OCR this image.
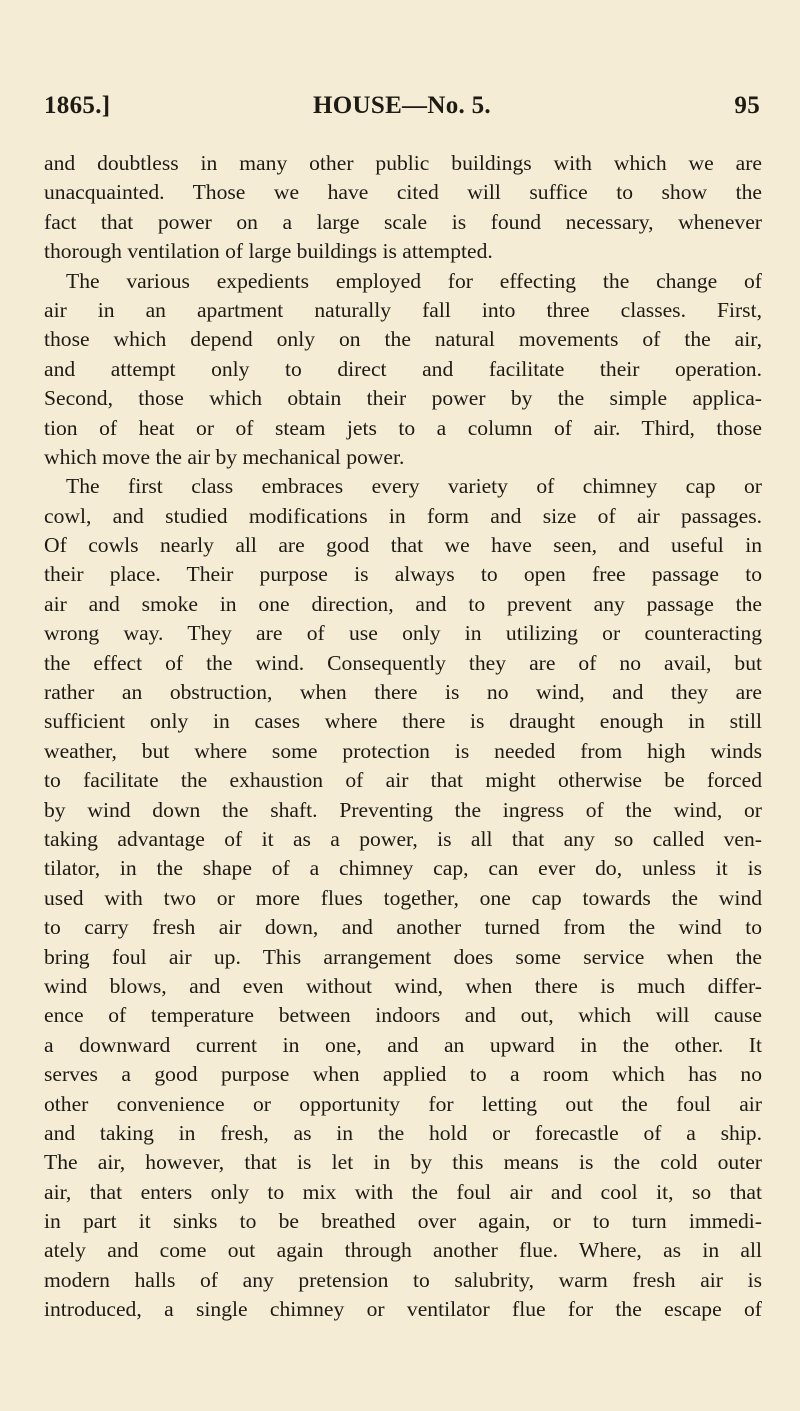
1865.]	HOUSE—No. 5.	95
and doubtless in many other public buildings with which we are
unacquainted. Those we have cited will suffice to show the
fact that power on a large scale is found necessary, whenever
thorough ventilation of large buildings is attempted.
The various expedients employed for effecting the change of
air in an apartment naturally fall into three classes. First,
those which depend only on the natural movements of the air,
and attempt only to direct and facilitate their operation.
Second, those which obtain their power by the simple applica-
tion of heat or of steam jets to a column of air. Third, those
which move the air by mechanical power.
The first class embraces every variety of chimney cap or
cowl, and studied modifications in form and size of air passages.
Of cowls nearly all are good that we have seen, and useful in
their place. Their purpose is always to open free passage to
air and smoke in one direction, and to prevent any passage the
wrong way. They are of use only in utilizing or counteracting
the effect of the wind. Consequently they are of no avail, but
rather an obstruction, when there is no wind, and they are
sufficient only in cases where there is draught enough in still
weather, but where some protection is needed from high winds
to facilitate the exhaustion of air that might otherwise be forced
by wind down the shaft. Preventing the ingress of the wind, or
taking advantage of it as a power, is all that any so called ven-
tilator, in the shape of a chimney cap, can ever do, unless it is
used with two or more flues together, one cap towards the wind
to carry fresh air down, and another turned from the wind to
bring foul air up. This arrangement does some service when the
wind blows, and even without wind, when there is much differ-
ence of temperature between indoors and out, which will cause
a downward current in one, and an upward in the other. It
serves a good purpose when applied to a room which has no
other convenience or opportunity for letting out the foul air
and taking in fresh, as in the hold or forecastle of a ship.
The air, however, that is let in by this means is the cold outer
air, that enters only to mix with the foul air and cool it, so that
in part it sinks to be breathed over again, or to turn immedi-
ately and come out again through another flue. Where, as in all
modern halls of any pretension to salubrity, warm fresh air is
introduced, a single chimney or ventilator flue for the escape of
